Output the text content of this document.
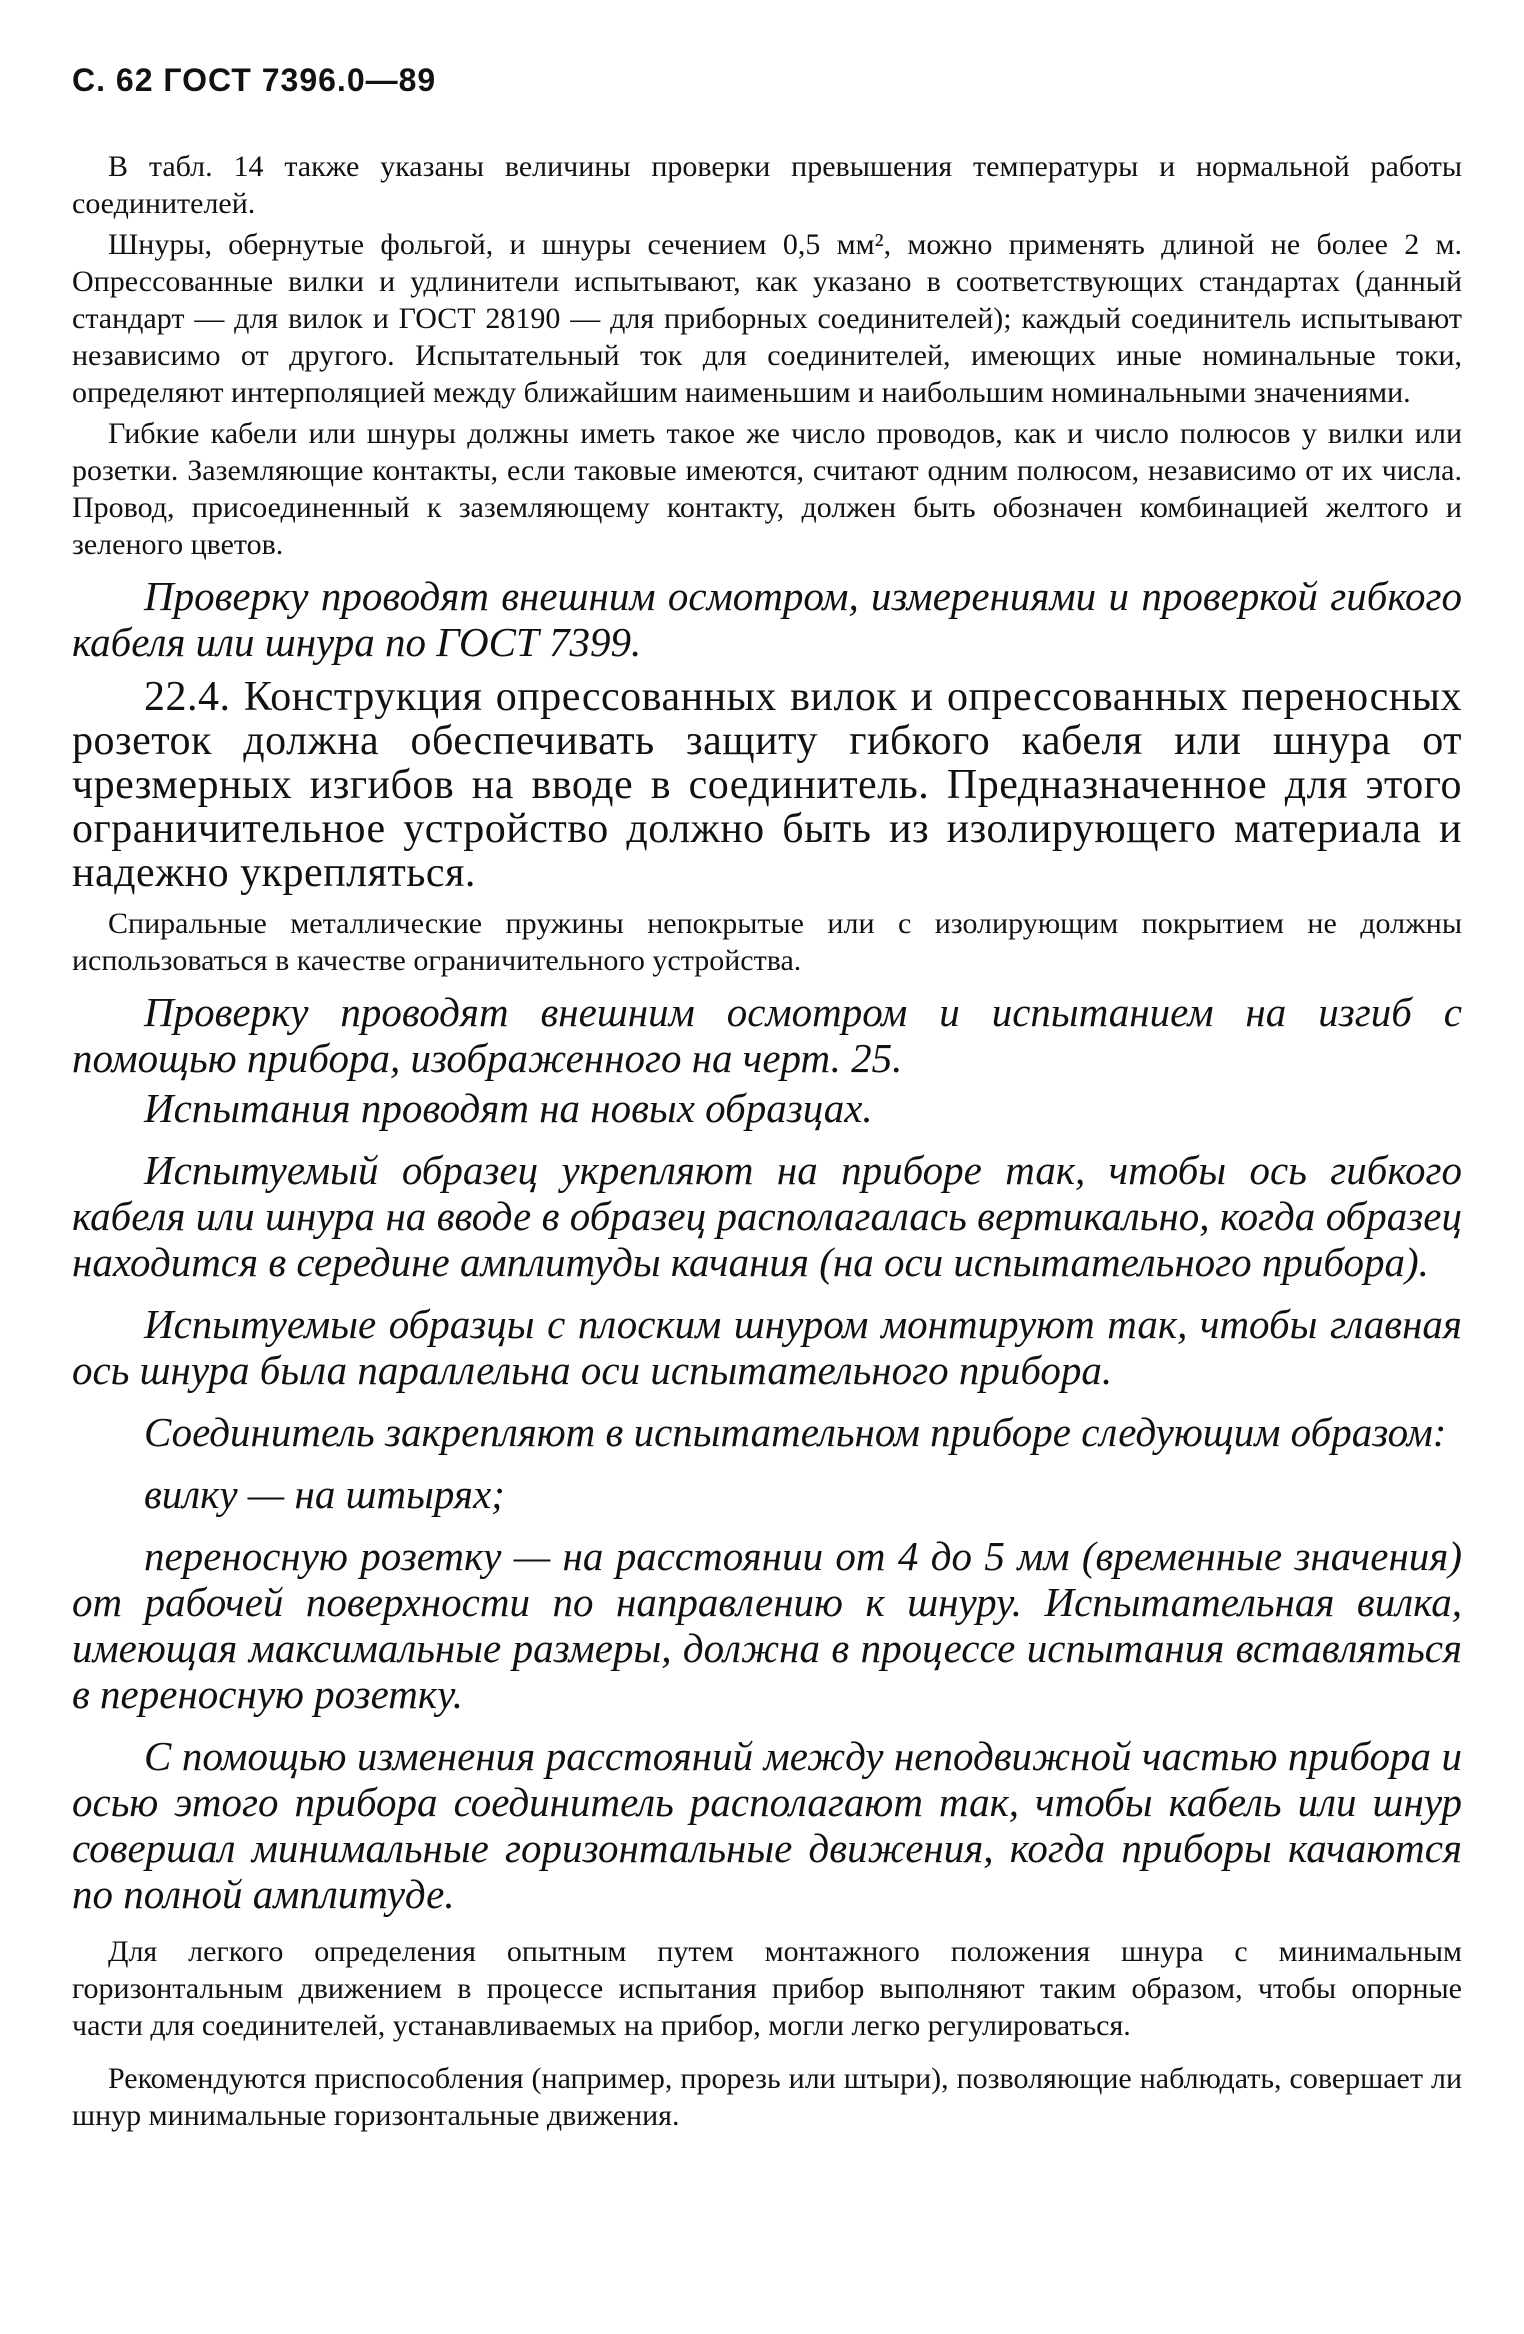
С. 62 ГОСТ 7396.0—89

В табл. 14 также указаны величины проверки превышения температуры и нормальной работы соединителей.

Шнуры, обернутые фольгой, и шнуры сечением 0,5 мм², можно применять длиной не более 2 м. Опрессованные вилки и удлинители испытывают, как указано в соответствующих стандартах (данный стандарт — для вилок и ГОСТ 28190 — для приборных соединителей); каждый соединитель испытывают независимо от другого. Испытательный ток для соединителей, имеющих иные номинальные токи, определяют интерполяцией между ближайшим наименьшим и наибольшим номинальными значениями.

Гибкие кабели или шнуры должны иметь такое же число проводов, как и число полюсов у вилки или розетки. Заземляющие контакты, если таковые имеются, считают одним полюсом, независимо от их числа. Провод, присоединенный к заземляющему контакту, должен быть обозначен комбинацией желтого и зеленого цветов.

Проверку проводят внешним осмотром, измерениями и проверкой гибкого кабеля или шнура по ГОСТ 7399.

22.4. Конструкция опрессованных вилок и опрессованных переносных розеток должна обеспечивать защиту гибкого кабеля или шнура от чрезмерных изгибов на вводе в соединитель. Предназначенное для этого ограничительное устройство должно быть из изолирующего материала и надежно укрепляться.

Спиральные металлические пружины непокрытые или с изолирующим покрытием не должны использоваться в качестве ограничительного устройства.

Проверку проводят внешним осмотром и испытанием на изгиб с помощью прибора, изображенного на черт. 25.

Испытания проводят на новых образцах.

Испытуемый образец укрепляют на приборе так, чтобы ось гибкого кабеля или шнура на вводе в образец располагалась вертикально, когда образец находится в середине амплитуды качания (на оси испытательного прибора).

Испытуемые образцы с плоским шнуром монтируют так, чтобы главная ось шнура была параллельна оси испытательного прибора.

Соединитель закрепляют в испытательном приборе следующим образом:

вилку — на штырях;

переносную розетку — на расстоянии от 4 до 5 мм (временные значения) от рабочей поверхности по направлению к шнуру. Испытательная вилка, имеющая максимальные размеры, должна в процессе испытания вставляться в переносную розетку.

С помощью изменения расстояний между неподвижной частью прибора и осью этого прибора соединитель располагают так, чтобы кабель или шнур совершал минимальные горизонтальные движения, когда приборы качаются по полной амплитуде.

Для легкого определения опытным путем монтажного положения шнура с минимальным горизонтальным движением в процессе испытания прибор выполняют таким образом, чтобы опорные части для соединителей, устанавливаемых на прибор, могли легко регулироваться.

Рекомендуются приспособления (например, прорезь или штыри), позволяющие наблюдать, совершает ли шнур минимальные горизонтальные движения.
